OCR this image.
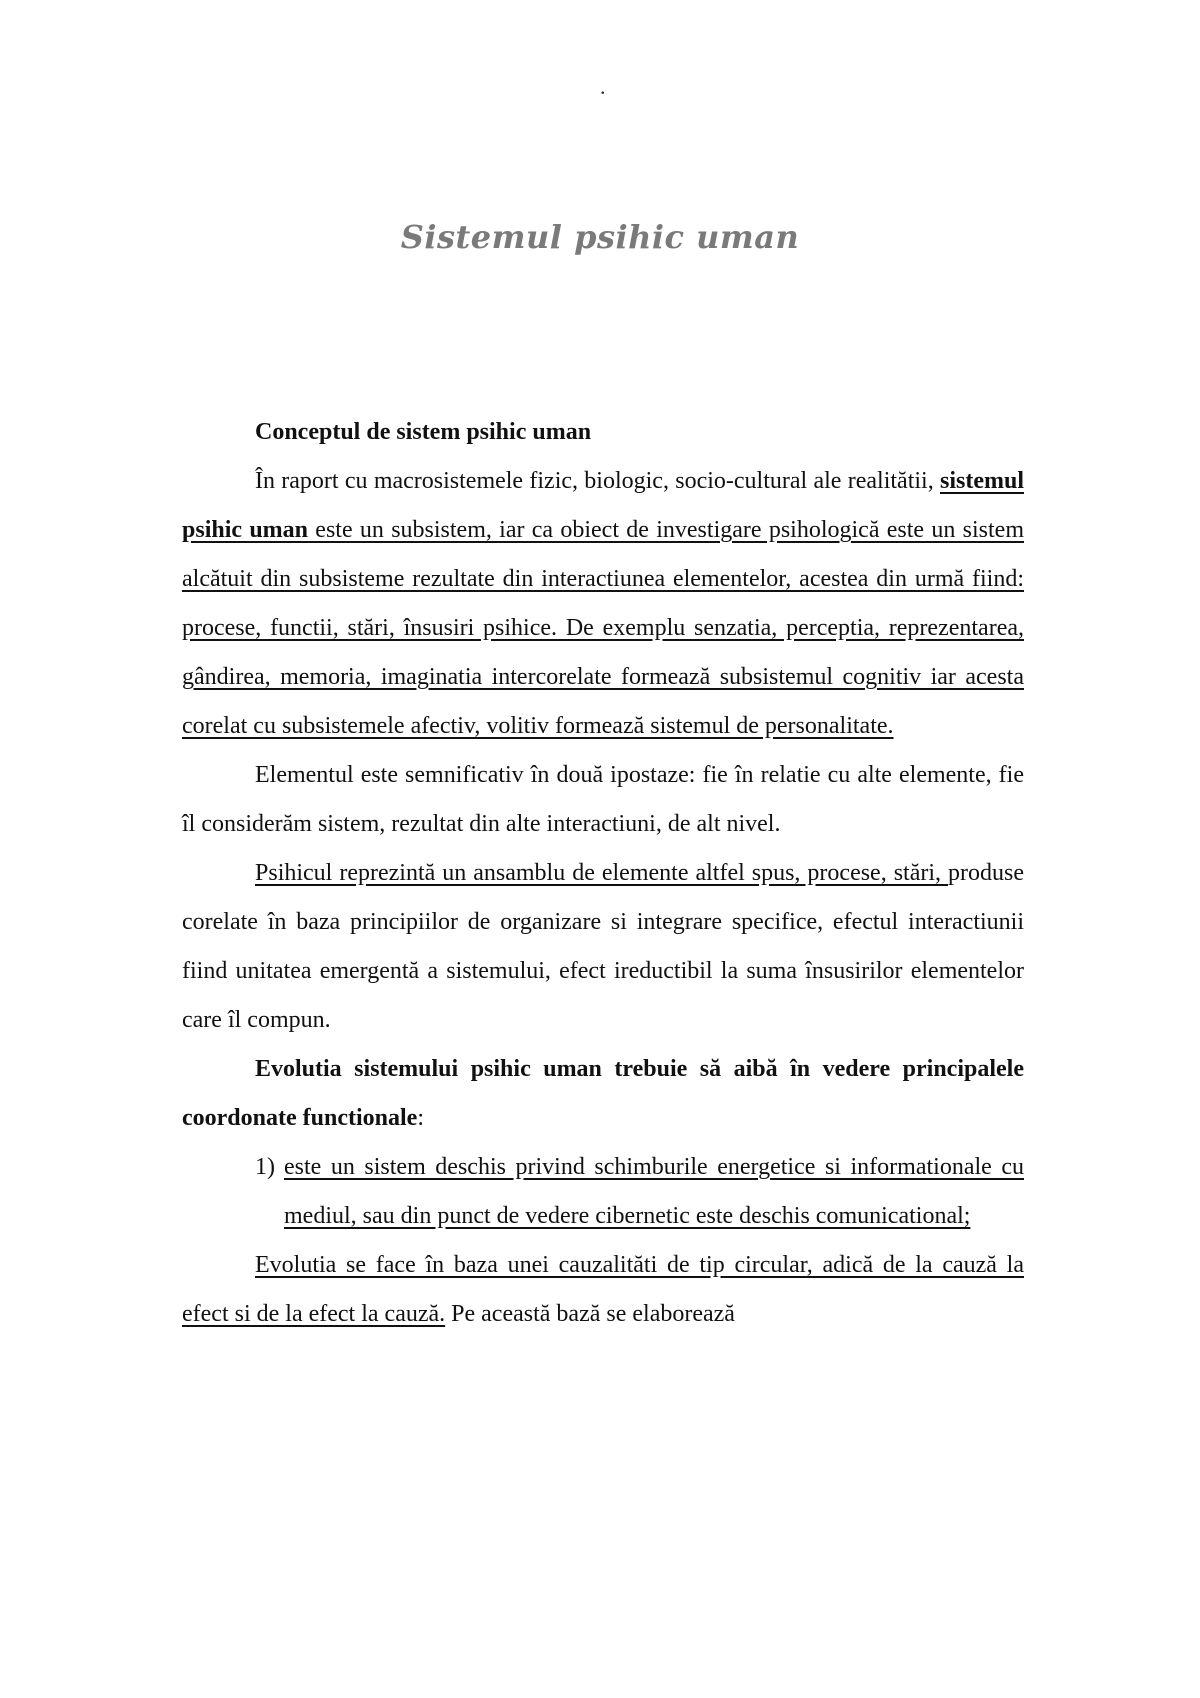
.
Sistemul psihic uman
Conceptul de sistem psihic uman

În raport cu macrosistemele fizic, biologic, socio-cultural ale realitătii, sistemul psihic uman este un subsistem, iar ca obiect de investigare psihologică este un sistem alcătuit din subsisteme rezultate din interactiunea elementelor, acestea din urmă fiind: procese, functii, stări, însusiri psihice. De exemplu senzatia, perceptia, reprezentarea, gândirea, memoria, imaginatia intercorelate formează subsistemul cognitiv iar acesta corelat cu subsistemele afectiv, volitiv formează sistemul de personalitate.

Elementul este semnificativ în două ipostaze: fie în relatie cu alte elemente, fie îl considerăm sistem, rezultat din alte interactiuni, de alt nivel.

Psihicul reprezintă un ansamblu de elemente altfel spus, procese, stări, produse corelate în baza principiilor de organizare si integrare specifice, efectul interactiunii fiind unitatea emergentă a sistemului, efect ireductibil la suma însusirilor elementelor care îl compun.

Evolutia sistemului psihic uman trebuie să aibă în vedere principalele coordonate functionale:

1) este un sistem deschis privind schimburile energetice si informationale cu mediul, sau din punct de vedere cibernetic este deschis comunicational;

Evolutia se face în baza unei cauzalităti de tip circular, adică de la cauză la efect si de la efect la cauză. Pe această bază se elaborează
